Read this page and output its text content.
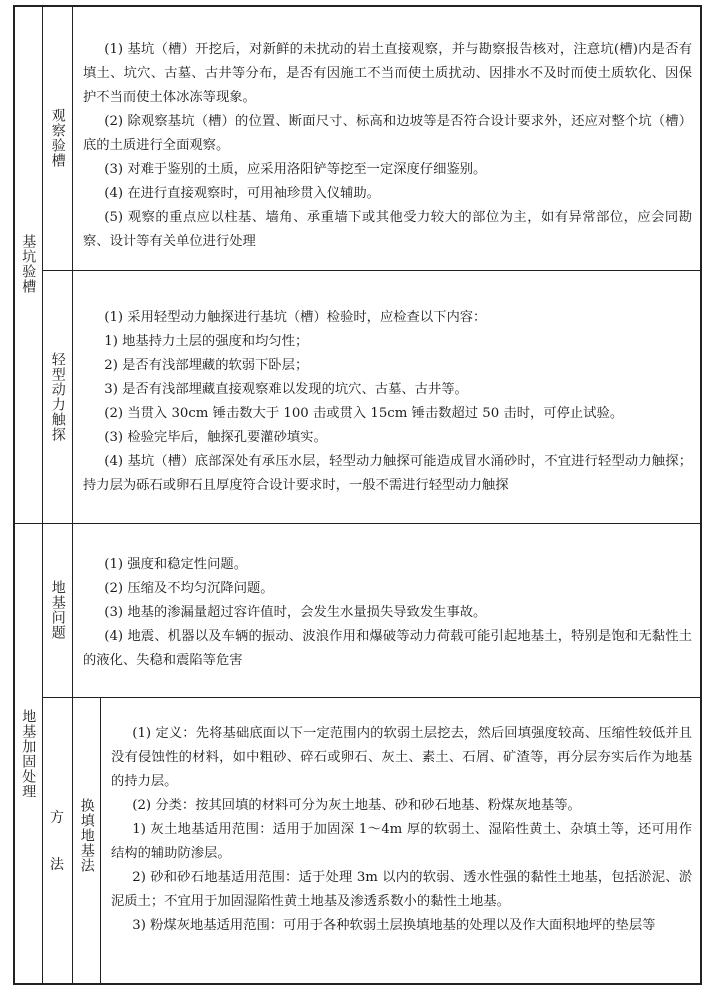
基坑验槽
地基加固处理
观察验槽
轻型动力触探
地基问题
方
法	换填地基法

(1) 基坑（槽）开挖后，对新鲜的未扰动的岩土直接观察，并与勘察报告核对，注意坑(槽)内是否有填土、坑穴、古墓、古井等分布，是否有因施工不当而使土质扰动、因排水不及时而使土质软化、因保护不当而使土体冰冻等现象。

(2) 除观察基坑（槽）的位置、断面尺寸、标高和边坡等是否符合设计要求外，还应对整个坑（槽）底的土质进行全面观察。

(3) 对难于鉴别的土质，应采用洛阳铲等挖至一定深度仔细鉴别。

(4) 在进行直接观察时，可用袖珍贯入仪辅助。

(5) 观察的重点应以柱基、墙角、承重墙下或其他受力较大的部位为主，如有异常部位，应会同勘察、设计等有关单位进行处理

(1) 采用轻型动力触探进行基坑（槽）检验时，应检查以下内容：

1) 地基持力土层的强度和均匀性；

2) 是否有浅部埋藏的软弱下卧层；

3) 是否有浅部埋藏直接观察难以发现的坑穴、古墓、古井等。

(2) 当贯入 30cm 锤击数大于 100 击或贯入 15cm 锤击数超过 50 击时，可停止试验。

(3) 检验完毕后，触探孔要灌砂填实。

(4) 基坑（槽）底部深处有承压水层，轻型动力触探可能造成冒水涌砂时，不宜进行轻型动力触探；持力层为砾石或卵石且厚度符合设计要求时，一般不需进行轻型动力触探

(1) 强度和稳定性问题。

(2) 压缩及不均匀沉降问题。

(3) 地基的渗漏量超过容许值时，会发生水量损失导致发生事故。

(4) 地震、机器以及车辆的振动、波浪作用和爆破等动力荷载可能引起地基土，特别是饱和无黏性土的液化、失稳和震陷等危害

(1) 定义：先将基础底面以下一定范围内的软弱土层挖去，然后回填强度较高、压缩性较低并且没有侵蚀性的材料，如中粗砂、碎石或卵石、灰土、素土、石屑、矿渣等，再分层夯实后作为地基的持力层。

(2) 分类：按其回填的材料可分为灰土地基、砂和砂石地基、粉煤灰地基等。

1) 灰土地基适用范围：适用于加固深 1～4m 厚的软弱土、湿陷性黄土、杂填土等，还可用作结构的辅助防渗层。

2) 砂和砂石地基适用范围：适于处理 3m 以内的软弱、透水性强的黏性土地基，包括淤泥、淤泥质土；不宜用于加固湿陷性黄土地基及渗透系数小的黏性土地基。

3) 粉煤灰地基适用范围：可用于各种软弱土层换填地基的处理以及作大面积地坪的垫层等
